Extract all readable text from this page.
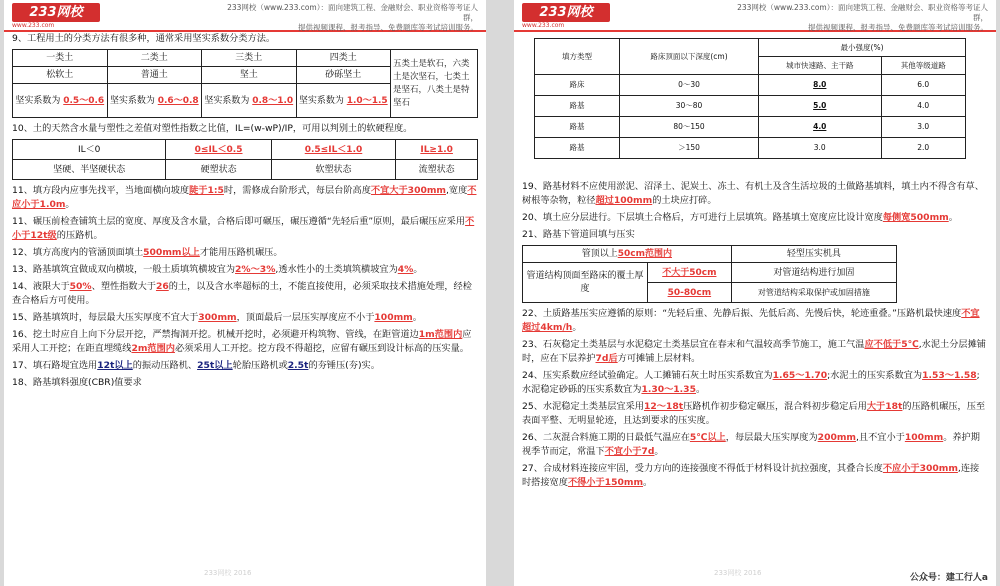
233网校
www.233.com
233网校（www.233.com）：面向建筑工程、金融财会、职业资格等考证人群，
提供视频课程、报考指导、免费题库等考试培训服务。
9、工程用土的分类方法有很多种，通常采用坚实系数分类方法。
一类土	二类土	三类土	四类土	五类土是软石，六类土是次坚石，七类土是坚石，八类土是特坚石
松软土	普通土	坚土	砂砾坚土	
坚实系数为 0.5～0.6	坚实系数为 0.6～0.8	坚实系数为 0.8～1.0	坚实系数为 1.0～1.5	
10、土的天然含水量与塑性之差值对塑性指数之比值，IL=(w-wP)/IP，可用以判别土的软硬程度。
IL＜0	0≤IL＜0.5	0.5≤IL＜1.0	IL≥1.0
坚硬、半坚硬状态	硬塑状态	软塑状态	流塑状态
11、填方段内应事先找平，当地面横向坡度陡于1:5时，需修成台阶形式，每层台阶高度不宜大于300mm,宽度不应小于1.0m。
11、碾压前检查铺筑土层的宽度、厚度及含水量，合格后即可碾压，碾压遵循“先轻后重”原则，最后碾压应采用不小于12t级的压路机。
12、填方高度内的管涵顶面填土500mm以上才能用压路机碾压。
13、路基填筑宜做成双向横坡，一般土质填筑横坡宜为2%～3%,透水性小的土类填筑横坡宜为4%。
14、液限大于50%、塑性指数大于26的土，以及含水率超标的土，不能直接使用，必须采取技术措施处理，经检查合格后方可使用。
15、路基填筑时，每层最大压实厚度不宜大于300mm，顶面最后一层压实厚度应不小于100mm。
16、挖土时应自上向下分层开挖，严禁掏洞开挖。机械开挖时，必须避开构筑物、管线，在距管道边1m范围内应采用人工开挖；在距直埋缆线2m范围内必须采用人工开挖。挖方段不得超挖，应留有碾压到设计标高的压实量。
17、填石路堤宜选用12t以上的振动压路机、25t以上轮胎压路机或2.5t的夯锤压(夯)实。
18、路基填料强度(CBR)值要求
233网校 2016
233网校
www.233.com
233网校（www.233.com）：面向建筑工程、金融财会、职业资格等考证人群，
提供视频课程、报考指导、免费题库等考试培训服务。
填方类型	路床顶面以下深度(cm)	最小强度(%)	
		城市快速路、主干路	其他等级道路
路床	0～30	8.0	6.0
路基	30～80	5.0	4.0
路基	80～150	4.0	3.0
路基	＞150	3.0	2.0
19、路基材料不应使用淤泥、沼泽土、泥炭土、冻土、有机土及含生活垃圾的土做路基填料，填土内不得含有草、树根等杂物，粒径超过100mm的土块应打碎。
20、填土应分层进行。下层填土合格后，方可进行上层填筑。路基填土宽度应比设计宽度每侧宽500mm。
21、路基下管道回填与压实
管顶以上50cm范围内		轻型压实机具
管道结构顶面至路床的覆土厚度	不大于50cm	对管道结构进行加固
	50-80cm	对管道结构采取保护或加固措施
22、土质路基压实应遵循的原则：“先轻后重、先静后振、先低后高、先慢后快，轮迹重叠。”压路机最快速度不宜超过4km/h。
23、石灰稳定土类基层与水泥稳定土类基层宜在春末和气温较高季节施工，施工气温应不低于5℃,水泥土分层摊铺时，应在下层养护7d后方可摊铺上层材料。
24、压实系数应经试验确定。人工摊铺石灰土时压实系数宜为1.65～1.70;水泥土的压实系数宜为1.53～1.58;水泥稳定砂砾的压实系数宜为1.30～1.35。
25、水泥稳定土类基层宜采用12～18t压路机作初步稳定碾压，混合料初步稳定后用大于18t的压路机碾压，压至表面平整、无明显轮迹，且达到要求的压实度。
26、二灰混合料施工期的日最低气温应在5℃以上，每层最大压实厚度为200mm,且不宜小于100mm。养护期视季节而定，常温下不宜小于7d。
27、合成材料连接应牢固，受力方向的连接强度不得低于材料设计抗拉强度，其叠合长度不应小于300mm,连接时搭接宽度不得小于150mm。
233网校 2016	公众号：建工行人a
